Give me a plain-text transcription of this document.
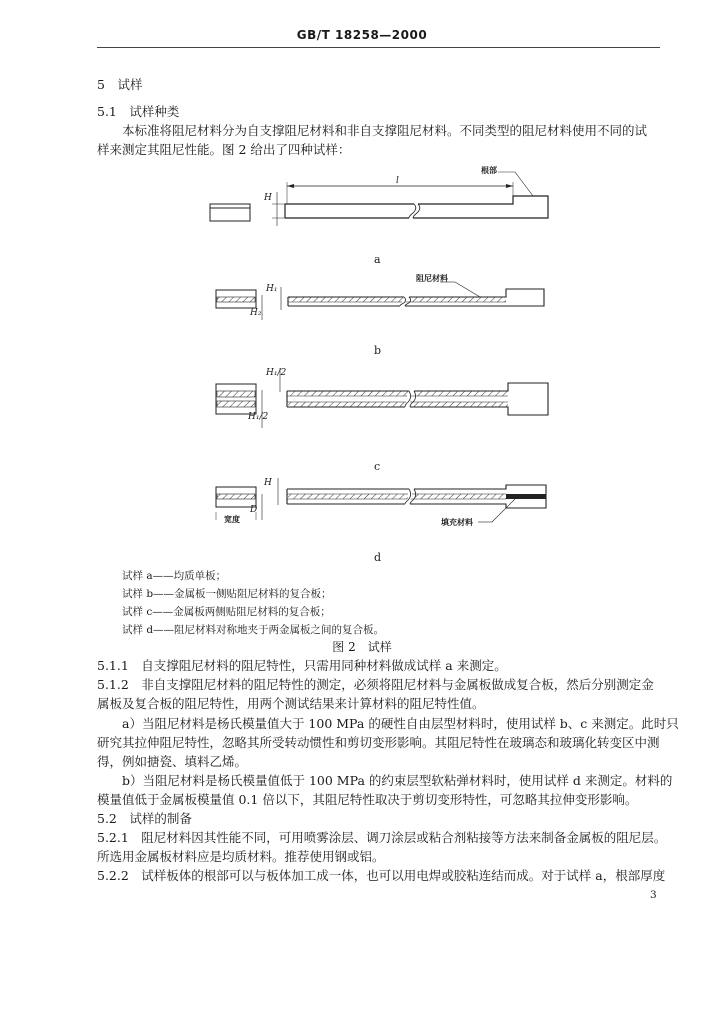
GB/T 18258—2000
5　试样
5.1　试样种类
本标准将阻尼材料分为自支撑阻尼材料和非自支撑阻尼材料。不同类型的阻尼材料使用不同的试
样来测定其阻尼性能。图 2 给出了四种试样：
根部
l
H
a
阻尼材料
H₁
H₂
b
H₁/2
H₁/2
c
H
D
宽度	填充材料
d
试样 a——均质单板；
试样 b——金属板一侧贴阻尼材料的复合板；
试样 c——金属板两侧贴阻尼材料的复合板；
试样 d——阻尼材料对称地夹于两金属板之间的复合板。
图 2　试样
5.1.1　自支撑阻尼材料的阻尼特性，只需用同种材料做成试样 a 来测定。
5.1.2　非自支撑阻尼材料的阻尼特性的测定，必须将阻尼材料与金属板做成复合板，然后分别测定金
属板及复合板的阻尼特性，用两个测试结果来计算材料的阻尼特性值。
a）当阻尼材料是杨氏模量值大于 100 MPa 的硬性自由层型材料时，使用试样 b、c 来测定。此时只
研究其拉伸阻尼特性，忽略其所受转动惯性和剪切变形影响。其阻尼特性在玻璃态和玻璃化转变区中测
得，例如搪瓷、填料乙烯。
b）当阻尼材料是杨氏模量值低于 100 MPa 的约束层型软粘弹材料时，使用试样 d 来测定。材料的
模量值低于金属板模量值 0.1 倍以下，其阻尼特性取决于剪切变形特性，可忽略其拉伸变形影响。
5.2　试样的制备
5.2.1　阻尼材料因其性能不同，可用喷雾涂层、调刀涂层或粘合剂粘接等方法来制备金属板的阻尼层。
所选用金属板材料应是均质材料。推荐使用钢或铝。
5.2.2　试样板体的根部可以与板体加工成一体，也可以用电焊或胶粘连结而成。对于试样 a，根部厚度
3
